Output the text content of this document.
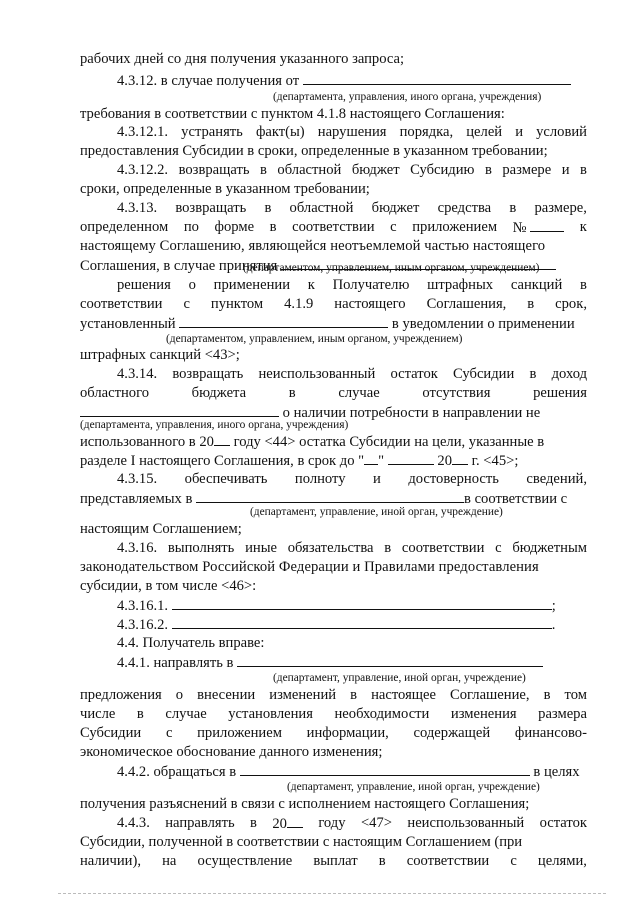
рабочих дней со дня получения указанного запроса;
4.3.12. в случае получения от
(департамента, управления, иного органа, учреждения)
требования в соответствии с пунктом 4.1.8 настоящего Соглашения:
4.3.12.1. устранять факт(ы) нарушения порядка, целей и условий
предоставления Субсидии в сроки, определенные в указанном требовании;
4.3.12.2. возвращать в областной бюджет Субсидию в размере и в
сроки, определенные в указанном требовании;
4.3.13. возвращать в областной бюджет средства в размере,
определенном по форме в соответствии с приложением №	к
настоящему Соглашению, являющейся неотъемлемой частью настоящего
Соглашения, в случае принятия
(департаментом, управлением, иным органом, учреждением)
решения о применении к Получателю штрафных санкций в
соответствии с пунктом 4.1.9 настоящего Соглашения, в срок,
установленный	в уведомлении о применении
(департаментом, управлением, иным органом, учреждением)
штрафных санкций <43>;
4.3.14. возвращать неиспользованный остаток Субсидии в доход
областного	бюджета	в	случае	отсутствия	решения
о наличии потребности в направлении не
(департамента, управления, иного органа, учреждения)
использованного в 20 году <44> остатка Субсидии на цели, указанные в
разделе I настоящего Соглашения, в срок до " "	20 г. <45>;
4.3.15. обеспечивать полноту и достоверность сведений,
представляемых в	в соответствии с
(департамент, управление, иной орган, учреждение)
настоящим Соглашением;
4.3.16. выполнять иные обязательства в соответствии с бюджетным
законодательством Российской Федерации и Правилами предоставления
субсидии, в том числе <46>:
4.3.16.1.	;
4.3.16.2.	.
4.4. Получатель вправе:
4.4.1. направлять в
(департамент, управление, иной орган, учреждение)
предложения о внесении изменений в настоящее Соглашение, в том
числе в случае установления необходимости изменения размера
Субсидии с приложением информации, содержащей финансово-
экономическое обоснование данного изменения;
4.4.2. обращаться в	в целях
(департамент, управление, иной орган, учреждение)
получения разъяснений в связи с исполнением настоящего Соглашения;
4.4.3. направлять в 20	году <47> неиспользованный остаток
Субсидии, полученной в соответствии с настоящим Соглашением (при
наличии), на осуществление выплат в соответствии с целями,
